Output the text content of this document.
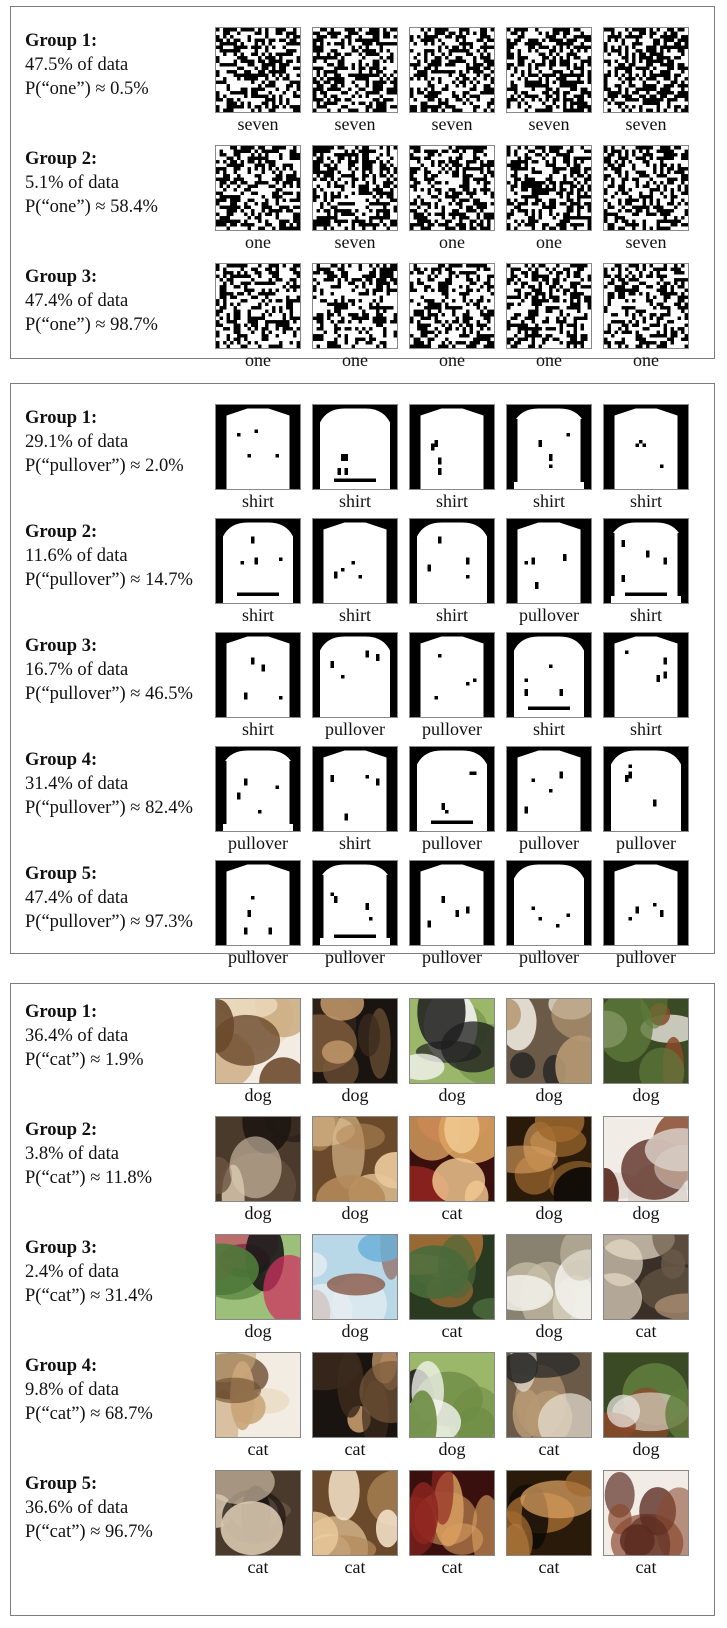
Group 1:
47.5% of data
P(“one”) ≈ 0.5%
seven	seven	seven	seven	seven
Group 2:
5.1% of data
P(“one”) ≈ 58.4%
one	seven	one	one	seven
Group 3:
47.4% of data
P(“one”) ≈ 98.7%
one	one	one	one	one
Group 1:
29.1% of data
P(“pullover”) ≈ 2.0%
shirt	shirt	shirt	shirt	shirt
Group 2:
11.6% of data
P(“pullover”) ≈ 14.7%
shirt	shirt	shirt	pullover	shirt
Group 3:
16.7% of data
P(“pullover”) ≈ 46.5%
shirt	pullover	pullover	shirt	shirt
Group 4:
31.4% of data
P(“pullover”) ≈ 82.4%
pullover	shirt	pullover	pullover	pullover
Group 5:
47.4% of data
P(“pullover”) ≈ 97.3%
pullover	pullover	pullover	pullover	pullover
Group 1:
36.4% of data
P(“cat”) ≈ 1.9%
dog	dog	dog	dog	dog
Group 2:
3.8% of data
P(“cat”) ≈ 11.8%
dog	dog	cat	dog	dog
Group 3:
2.4% of data
P(“cat”) ≈ 31.4%
dog	dog	cat	dog	cat
Group 4:
9.8% of data
P(“cat”) ≈ 68.7%
cat	cat	dog	cat	dog
Group 5:
36.6% of data
P(“cat”) ≈ 96.7%
cat	cat	cat	cat	cat
